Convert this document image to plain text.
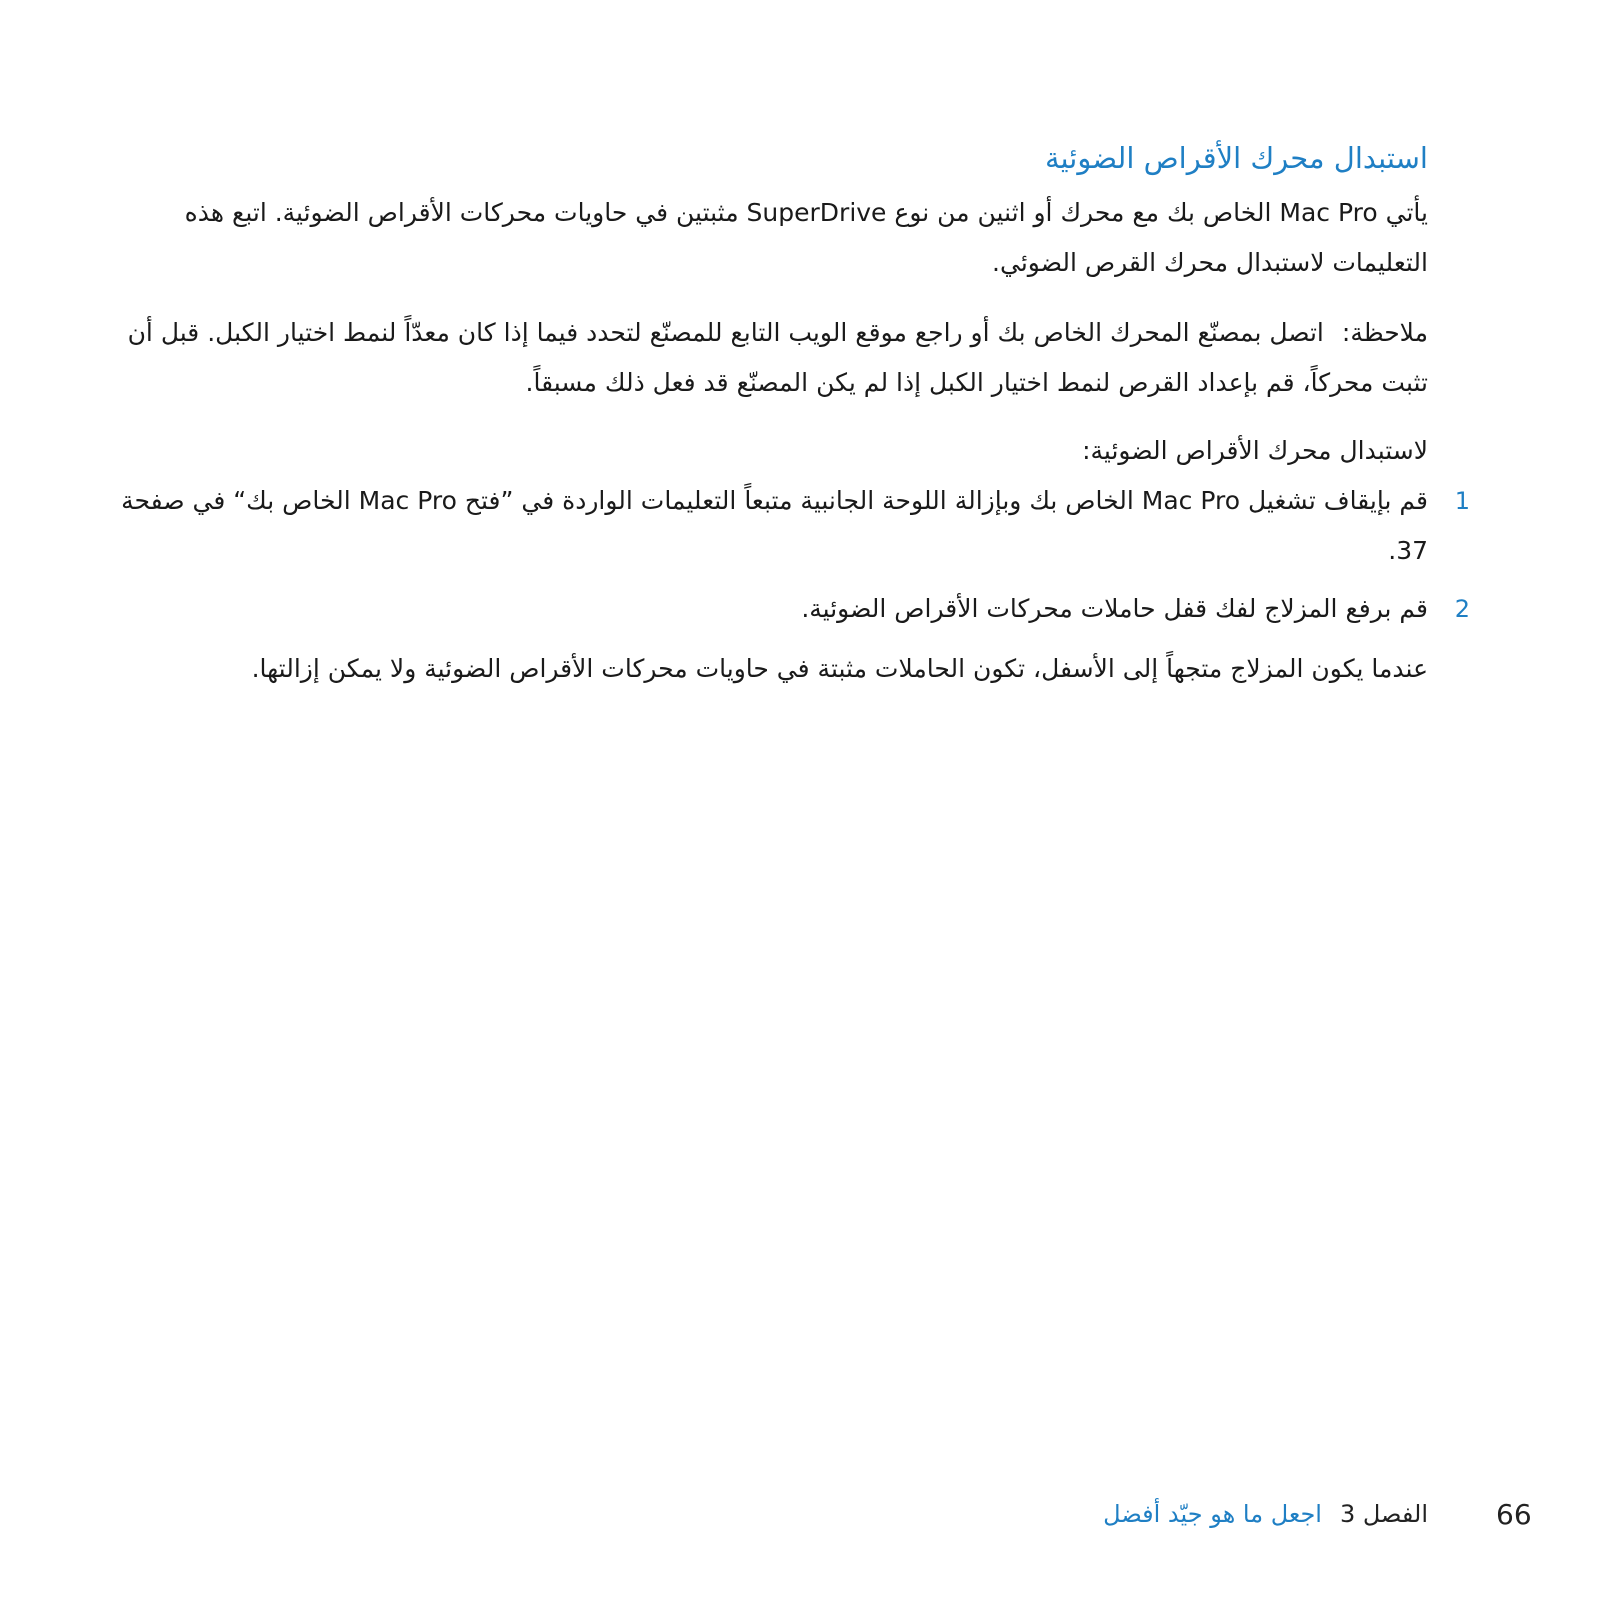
استبدال محرك الأقراص الضوئية

يأتي Mac Pro الخاص بك مع محرك أو اثنين من نوع SuperDrive مثبتين في حاويات محركات الأقراص الضوئية. اتبع هذه التعليمات لاستبدال محرك القرص الضوئي.

ملاحظة:اتصل بمصنّع المحرك الخاص بك أو راجع موقع الويب التابع للمصنّع لتحدد فيما إذا كان معدّاً لنمط اختيار الكبل. قبل أن تثبت محركاً، قم بإعداد القرص لنمط اختيار الكبل إذا لم يكن المصنّع قد فعل ذلك مسبقاً.

لاستبدال محرك الأقراص الضوئية:

1
قم بإيقاف تشغيل Mac Pro الخاص بك وبإزالة اللوحة الجانبية متبعاً التعليمات الواردة في ”فتح Mac Pro الخاص بك“ في صفحة 37.
2
قم برفع المزلاج لفك قفل حاملات محركات الأقراص الضوئية.

عندما يكون المزلاج متجهاً إلى الأسفل، تكون الحاملات مثبتة في حاويات محركات الأقراص الضوئية ولا يمكن إزالتها.

66
الفصل 3اجعل ما هو جيّد أفضل
